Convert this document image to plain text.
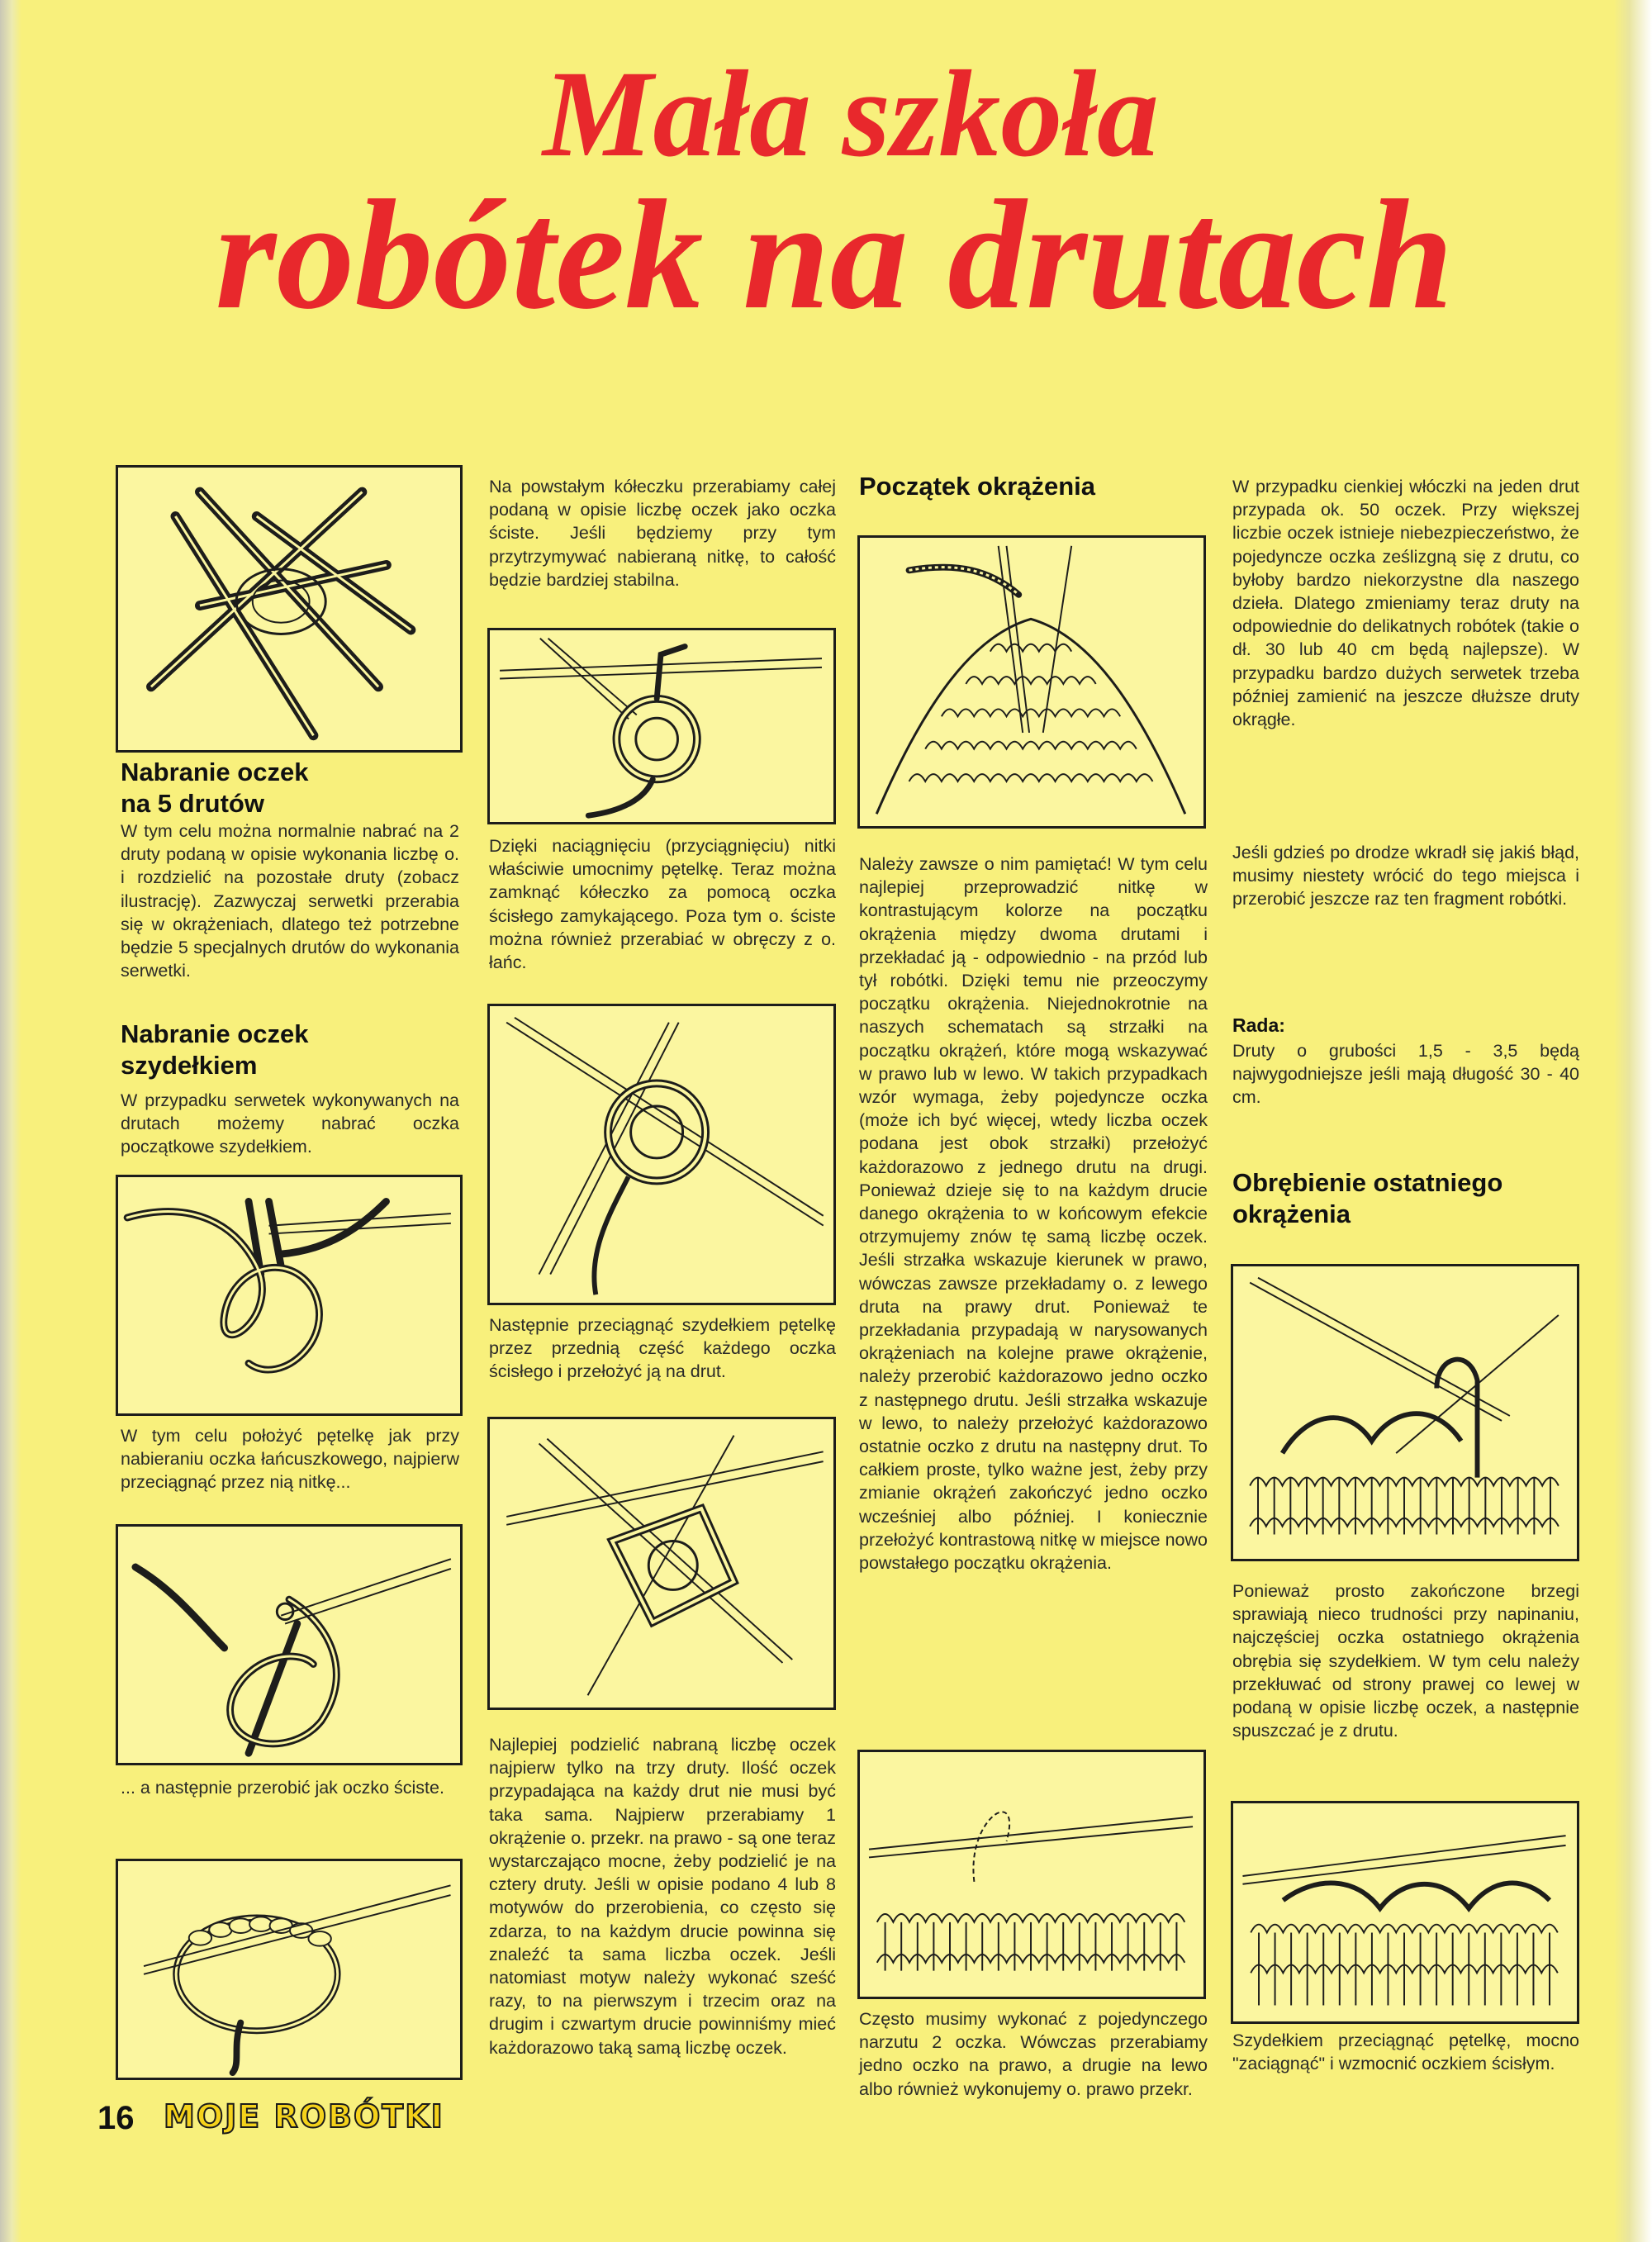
Mała szkoła
robótek na drutach
Nabranie oczek
na 5 drutów

W tym celu można normalnie nabrać na 2 druty podaną w opisie wykonania liczbę o. i rozdzielić na pozostałe druty (zobacz ilustrację). Zazwyczaj serwetki przerabia się w okrążeniach, dlatego też potrzebne będzie 5 specjalnych drutów do wykonania serwetki.

Nabranie oczek
szydełkiem

W przypadku serwetek wykonywanych na drutach możemy nabrać oczka początkowe szydełkiem.

W tym celu położyć pętelkę jak przy nabieraniu oczka łańcuszkowego, najpierw przeciągnąć przez nią nitkę...

... a następnie przerobić jak oczko ściste.

Na powstałym kółeczku przerabiamy całej podaną w opisie liczbę oczek jako oczka ściste. Jeśli będziemy przy tym przytrzymywać nabieraną nitkę, to całość będzie bardziej stabilna.

Dzięki naciągnięciu (przyciągnięciu) nitki właściwie umocnimy pętelkę. Teraz można zamknąć kółeczko za pomocą oczka ścisłego zamykającego. Poza tym o. ściste można również przerabiać w obręczy z o. łańc.

Następnie przeciągnąć szydełkiem pętelkę przez przednią część każdego oczka ścisłego i przełożyć ją na drut.

Najlepiej podzielić nabraną liczbę oczek najpierw tylko na trzy druty. Ilość oczek przypadająca na każdy drut nie musi być taka sama. Najpierw przerabiamy 1 okrążenie o. przekr. na prawo - są one teraz wystarczająco mocne, żeby podzielić je na cztery druty. Jeśli w opisie podano 4 lub 8 motywów do przerobienia, co często się zdarza, to na każdym drucie powinna się znaleźć ta sama liczba oczek. Jeśli natomiast motyw należy wykonać sześć razy, to na pierwszym i trzecim oraz na drugim i czwartym drucie powinniśmy mieć każdorazowo taką samą liczbę oczek.

Początek okrążenia

Należy zawsze o nim pamiętać! W tym celu najlepiej przeprowadzić nitkę w kontrastującym kolorze na początku okrążenia między dwoma drutami i przekładać ją - odpowiednio - na przód lub tył robótki. Dzięki temu nie przeoczymy początku okrążenia. Niejednokrotnie na naszych schematach są strzałki na początku okrążeń, które mogą wskazywać w prawo lub w lewo. W takich przypadkach wzór wymaga, żeby pojedyncze oczka (może ich być więcej, wtedy liczba oczek podana jest obok strzałki) przełożyć każdorazowo z jednego drutu na drugi. Ponieważ dzieje się to na każdym drucie danego okrążenia to w końcowym efekcie otrzymujemy znów tę samą liczbę oczek. Jeśli strzałka wskazuje kierunek w prawo, wówczas zawsze przekładamy o. z lewego druta na prawy drut. Ponieważ te przekładania przypadają w narysowanych okrążeniach na kolejne prawe okrążenie, należy przerobić każdorazowo jedno oczko z następnego drutu. Jeśli strzałka wskazuje w lewo, to należy przełożyć każdorazowo ostatnie oczko z drutu na następny drut. To całkiem proste, tylko ważne jest, żeby przy zmianie okrążeń zakończyć jedno oczko wcześniej albo później. I koniecznie przełożyć kontrastową nitkę w miejsce nowo powstałego początku okrążenia.

Często musimy wykonać z pojedynczego narzutu 2 oczka. Wówczas przerabiamy jedno oczko na prawo, a drugie na lewo albo również wykonujemy o. prawo przekr.

W przypadku cienkiej włóczki na jeden drut przypada ok. 50 oczek. Przy większej liczbie oczek istnieje niebezpieczeństwo, że pojedyncze oczka ześlizgną się z drutu, co byłoby bardzo niekorzystne dla naszego dzieła. Dlatego zmieniamy teraz druty na odpowiednie do delikatnych robótek (takie o dł. 30 lub 40 cm będą najlepsze). W przypadku bardzo dużych serwetek trzeba później zamienić na jeszcze dłuższe druty okrągłe.

Jeśli gdzieś po drodze wkradł się jakiś błąd, musimy niestety wrócić do tego miejsca i przerobić jeszcze raz ten fragment robótki.

Rada:

Druty o grubości 1,5 - 3,5 będą najwygodniejsze jeśli mają długość 30 - 40 cm.

Obrębienie ostatniego
okrążenia

Ponieważ prosto zakończone brzegi sprawiają nieco trudności przy napinaniu, najczęściej oczka ostatniego okrążenia obrębia się szydełkiem. W tym celu należy przekłuwać od strony prawej co lewej w podaną w opisie liczbę oczek, a następnie spuszczać je z drutu.

Szydełkiem przeciągnąć pętelkę, mocno "zaciągnąć" i wzmocnić oczkiem ścisłym.

16 MOJE ROBÓTKI
